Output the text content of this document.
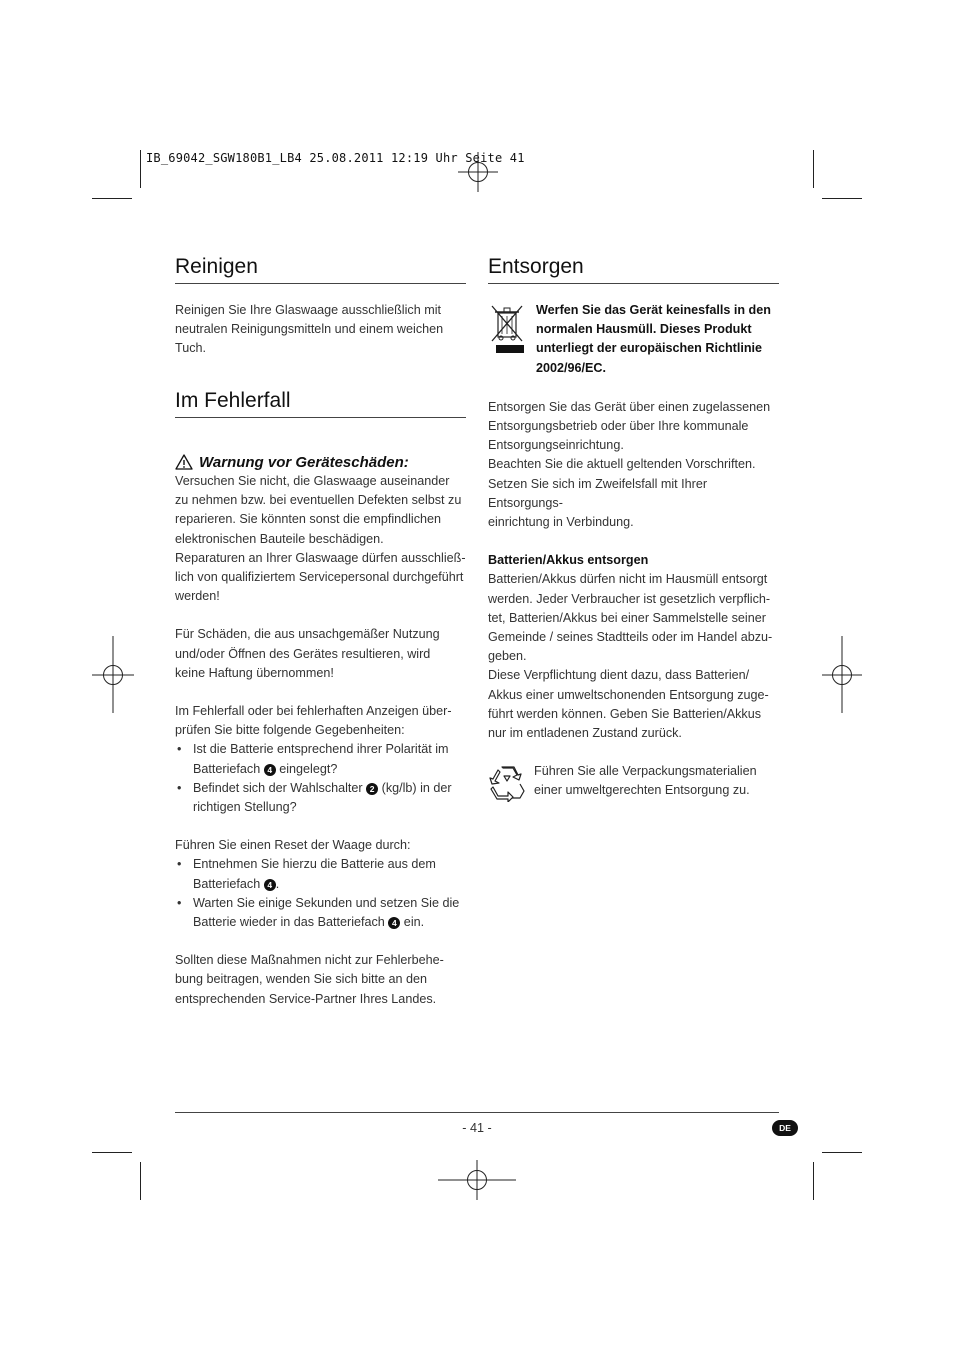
IB_69042_SGW180B1_LB4 25.08.2011 12:19 Uhr Seite 41
Reinigen

Reinigen Sie Ihre Glaswaage ausschließlich mit

neutralen Reinigungsmitteln und einem weichen

Tuch.

Im Fehlerfall
Warnung vor Geräteschäden:

Versuchen Sie nicht, die Glaswaage auseinander

zu nehmen bzw. bei eventuellen Defekten selbst zu

reparieren. Sie könnten sonst die empfindlichen

elektronischen Bauteile beschädigen.

Reparaturen an Ihrer Glaswaage dürfen ausschließ-

lich von qualifiziertem Servicepersonal durchgeführt

werden!

Für Schäden, die aus unsachgemäßer Nutzung

und/oder Öffnen des Gerätes resultieren, wird

keine Haftung übernommen!

Im Fehlerfall oder bei fehlerhaften Anzeigen über-

prüfen Sie bitte folgende Gegebenheiten:

• Ist die Batterie entsprechend ihrer Polarität im
Batteriefach 4 eingelegt?
• Befindet sich der Wahlschalter 2 (kg/lb) in der
richtigen Stellung?

Führen Sie einen Reset der Waage durch:

• Entnehmen Sie hierzu die Batterie aus dem
Batteriefach 4 .
• Warten Sie einige Sekunden und setzen Sie die
Batterie wieder in das Batteriefach 4 ein.

Sollten diese Maßnahmen nicht zur Fehlerbehe-

bung beitragen, wenden Sie sich bitte an den

entsprechenden Service-Partner Ihres Landes.

Entsorgen

Werfen Sie das Gerät keinesfalls in den

normalen Hausmüll. Dieses Produkt

unterliegt der europäischen Richtlinie

2002/96/EC.

Entsorgen Sie das Gerät über einen zugelassenen

Entsorgungsbetrieb oder über Ihre kommunale

Entsorgungseinrichtung.

Beachten Sie die aktuell geltenden Vorschriften.

Setzen Sie sich im Zweifelsfall mit Ihrer Entsorgungs-

einrichtung in Verbindung.

Batterien/Akkus entsorgen

Batterien/Akkus dürfen nicht im Hausmüll entsorgt

werden. Jeder Verbraucher ist gesetzlich verpflich-

tet, Batterien/Akkus bei einer Sammelstelle seiner

Gemeinde / seines Stadtteils oder im Handel abzu-

geben.

Diese Verpflichtung dient dazu, dass Batterien/

Akkus einer umweltschonenden Entsorgung zuge-

führt werden können. Geben Sie Batterien/Akkus

nur im entladenen Zustand zurück.

Führen Sie alle Verpackungsmaterialien

einer umweltgerechten Entsorgung zu.

- 41 -	DE
